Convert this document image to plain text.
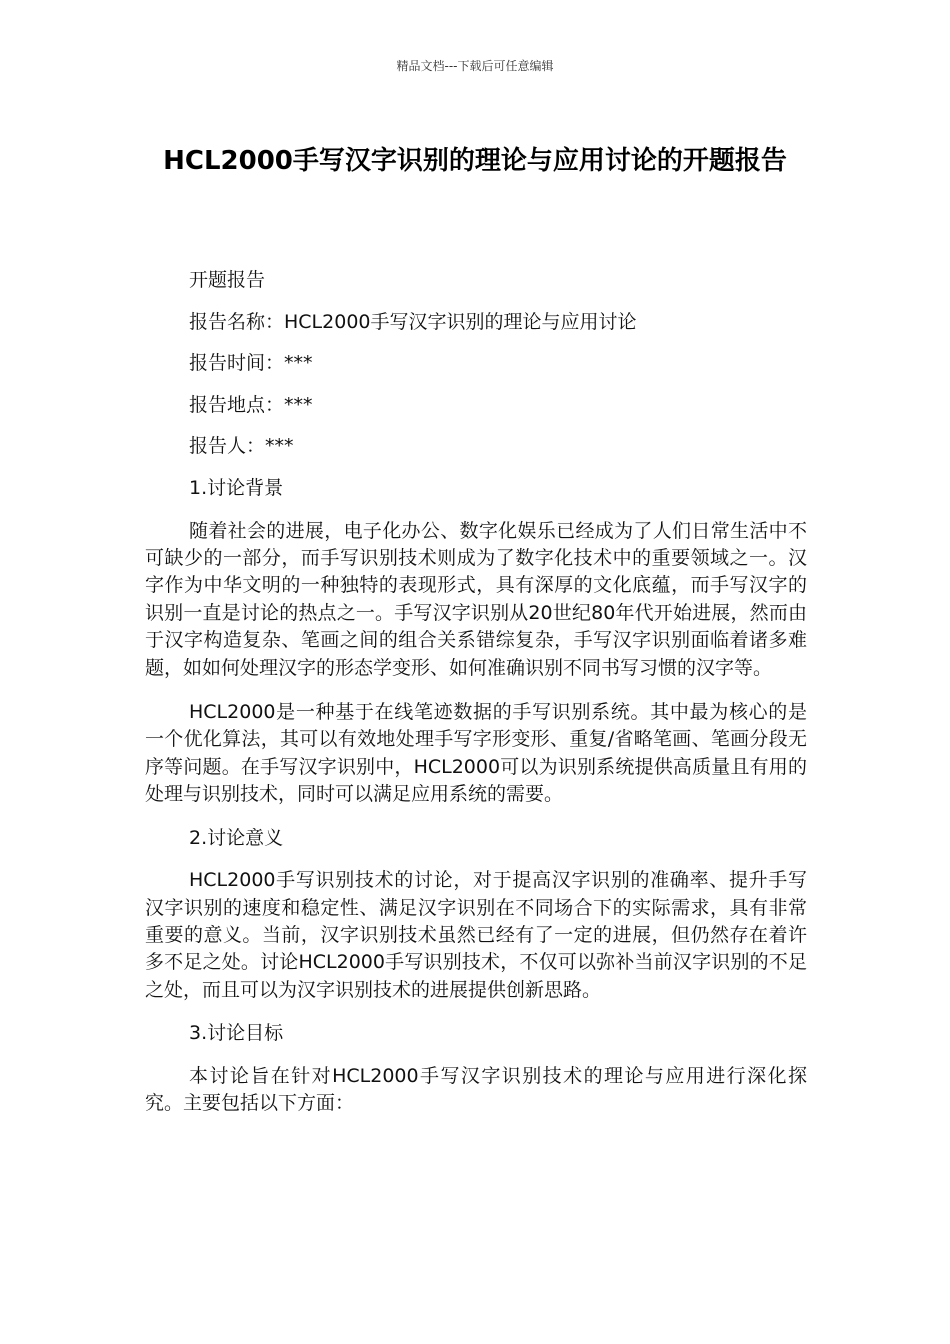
精品文档---下载后可任意编辑
HCL2000手写汉字识别的理论与应用讨论的开题报告
开题报告
报告名称：HCL2000手写汉字识别的理论与应用讨论
报告时间：***
报告地点：***
报告人：***
1.讨论背景

随着社会的进展，电子化办公、数字化娱乐已经成为了人们日常生活中不可缺少的一部分，而手写识别技术则成为了数字化技术中的重要领域之一。汉字作为中华文明的一种独特的表现形式，具有深厚的文化底蕴，而手写汉字的识别一直是讨论的热点之一。手写汉字识别从20世纪80年代开始进展，然而由于汉字构造复杂、笔画之间的组合关系错综复杂，手写汉字识别面临着诸多难题，如如何处理汉字的形态学变形、如何准确识别不同书写习惯的汉字等。

HCL2000是一种基于在线笔迹数据的手写识别系统。其中最为核心的是一个优化算法，其可以有效地处理手写字形变形、重复/省略笔画、笔画分段无序等问题。在手写汉字识别中，HCL2000可以为识别系统提供高质量且有用的处理与识别技术，同时可以满足应用系统的需要。

2.讨论意义

HCL2000手写识别技术的讨论，对于提高汉字识别的准确率、提升手写汉字识别的速度和稳定性、满足汉字识别在不同场合下的实际需求，具有非常重要的意义。当前，汉字识别技术虽然已经有了一定的进展，但仍然存在着许多不足之处。讨论HCL2000手写识别技术，不仅可以弥补当前汉字识别的不足之处，而且可以为汉字识别技术的进展提供创新思路。

3.讨论目标

本讨论旨在针对HCL2000手写汉字识别技术的理论与应用进行深化探究。主要包括以下方面：
